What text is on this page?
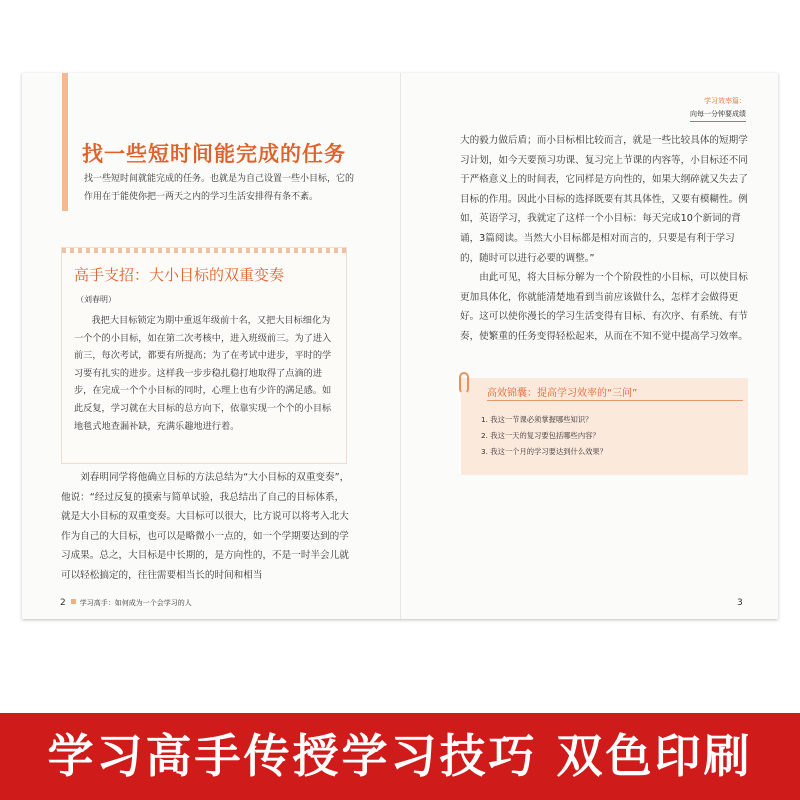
学习效率篇：
向每一分钟要成绩
找一些短时间能完成的任务
找一些短时间就能完成的任务。也就是为自己设置一些小目标，它的作用在于能使你把一两天之内的学习生活安排得有条不紊。
高手支招：大小目标的双重变奏
（刘春明）
我把大目标锁定为期中重返年级前十名，又把大目标细化为一个个的小目标，如在第二次考核中，进入班级前三。为了进入前三，每次考试，都要有所提高；为了在考试中进步，平时的学习要有扎实的进步。这样我一步步稳扎稳打地取得了点滴的进步，在完成一个个小目标的同时，心理上也有少许的满足感。如此反复，学习就在大目标的总方向下，依靠实现一个个的小目标地毯式地查漏补缺，充满乐趣地进行着。
刘春明同学将他确立目标的方法总结为“大小目标的双重变奏”，他说：“经过反复的摸索与简单试验，我总结出了自己的目标体系，就是大小目标的双重变奏。大目标可以很大，比方说可以将考入北大作为自己的大目标，也可以是略微小一点的，如一个学期要达到的学习成果。总之，大目标是中长期的，是方向性的，不是一时半会儿就可以轻松搞定的，往往需要相当长的时间和相当

大的毅力做后盾；而小目标相比较而言，就是一些比较具体的短期学习计划，如今天要预习功课、复习完上节课的内容等，小目标还不同于严格意义上的时间表，它同样是方向性的，如果大纲碎就又失去了目标的作用。因此小目标的选择既要有其具体性，又要有模糊性。例如，英语学习，我就定了这样一个小目标：每天完成10个新词的背诵，3篇阅读。当然大小目标都是相对而言的，只要是有利于学习的，随时可以进行必要的调整。”

由此可见，将大目标分解为一个个阶段性的小目标，可以使目标更加具体化，你就能清楚地看到当前应该做什么，怎样才会做得更好。这可以使你漫长的学习生活变得有目标、有次序、有系统、有节奏，使繁重的任务变得轻松起来，从而在不知不觉中提高学习效率。

高效锦囊：提高学习效率的“三问”
1. 我这一节课必须掌握哪些知识？
2. 我这一天的复习要包括哪些内容？
3. 我这一个月的学习要达到什么效果？
2 学习高手：如何成为一个会学习的人	3
学习高手传授学习技巧 双色印刷
